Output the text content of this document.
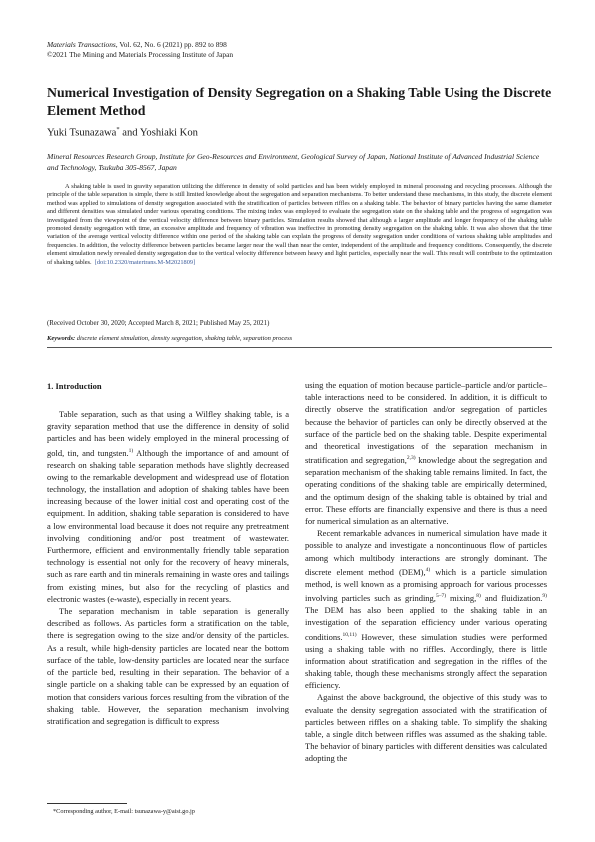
Materials Transactions, Vol. 62, No. 6 (2021) pp. 892 to 898
©2021 The Mining and Materials Processing Institute of Japan
Numerical Investigation of Density Segregation on a Shaking Table Using the Discrete Element Method
Yuki Tsunazawa* and Yoshiaki Kon
Mineral Resources Research Group, Institute for Geo-Resources and Environment, Geological Survey of Japan, National Institute of Advanced Industrial Science and Technology, Tsukuba 305-8567, Japan
A shaking table is used in gravity separation utilizing the difference in density of solid particles and has been widely employed in mineral processing and recycling processes. Although the principle of the table separation is simple, there is still limited knowledge about the segregation and separation mechanisms. To better understand these mechanisms, in this study, the discrete element method was applied to simulations of density segregation associated with the stratification of particles between riffles on a shaking table. The behavior of binary particles having the same diameter and different densities was simulated under various operating conditions. The mixing index was employed to evaluate the segregation state on the shaking table and the progress of segregation was investigated from the viewpoint of the vertical velocity difference between binary particles. Simulation results showed that although a larger amplitude and longer frequency of the shaking table promoted density segregation with time, an excessive amplitude and frequency of vibration was ineffective in promoting density segregation on the shaking table. It was also shown that the time variation of the average vertical velocity difference within one period of the shaking table can explain the progress of density segregation under conditions of various shaking table amplitudes and frequencies. In addition, the velocity difference between particles became larger near the wall than near the center, independent of the amplitude and frequency conditions. Consequently, the discrete element simulation newly revealed density segregation due to the vertical velocity difference between heavy and light particles, especially near the wall. This result will contribute to the optimization of shaking tables. [doi:10.2320/matertrans.M-M2021809]
(Received October 30, 2020; Accepted March 8, 2021; Published May 25, 2021)
Keywords: discrete element simulation, density segregation, shaking table, separation process
1. Introduction

Table separation, such as that using a Wilfley shaking table, is a gravity separation method that use the difference in density of solid particles and has been widely employed in the mineral processing of gold, tin, and tungsten.$^{1)}$ Although the importance of and amount of research on shaking table separation methods have slightly decreased owing to the remarkable development and widespread use of flotation technology, the installation and adoption of shaking tables have been increasing because of the lower initial cost and operating cost of the equipment. In addition, shaking table separation is considered to have a low environmental load because it does not require any pretreatment involving conditioning and/or post treatment of wastewater. Furthermore, efficient and environmentally friendly table separation technology is essential not only for the recovery of heavy minerals, such as rare earth and tin minerals remaining in waste ores and tailings from existing mines, but also for the recycling of plastics and electronic wastes (e-waste), especially in recent years.

The separation mechanism in table separation is generally described as follows. As particles form a stratification on the table, there is segregation owing to the size and/or density of the particles. As a result, while high-density particles are located near the bottom surface of the table, low-density particles are located near the surface of the particle bed, resulting in their separation. The behavior of a single particle on a shaking table can be expressed by an equation of motion that considers various forces resulting from the vibration of the shaking table. However, the separation mechanism involving stratification and segregation is difficult to express

using the equation of motion because particle–particle and/or particle–table interactions need to be considered. In addition, it is difficult to directly observe the stratification and/or segregation of particles because the behavior of particles can only be directly observed at the surface of the particle bed on the shaking table. Despite experimental and theoretical investigations of the separation mechanism in stratification and segregation,$^{2,3)}$ knowledge about the segregation and separation mechanism of the shaking table remains limited. In fact, the operating conditions of the shaking table are empirically determined, and the optimum design of the shaking table is obtained by trial and error. These efforts are financially expensive and there is thus a need for numerical simulation as an alternative.

Recent remarkable advances in numerical simulation have made it possible to analyze and investigate a noncontinuous flow of particles among which multibody interactions are strongly dominant. The discrete element method (DEM),$^{4)}$ which is a particle simulation method, is well known as a promising approach for various processes involving particles such as grinding,$^{5-7)}$ mixing,$^{8)}$ and fluidization.$^{9)}$ The DEM has also been applied to the shaking table in an investigation of the separation efficiency under various operating conditions.$^{10,11)}$ However, these simulation studies were performed using a shaking table with no riffles. Accordingly, there is little information about stratification and segregation in the riffles of the shaking table, though these mechanisms strongly affect the separation efficiency.

Against the above background, the objective of this study was to evaluate the density segregation associated with the stratification of particles between riffles on a shaking table. To simplify the shaking table, a single ditch between riffles was assumed as the shaking table. The behavior of binary particles with different densities was calculated adopting the

*Corresponding author, E-mail: tsunazawa-y@aist.go.jp
